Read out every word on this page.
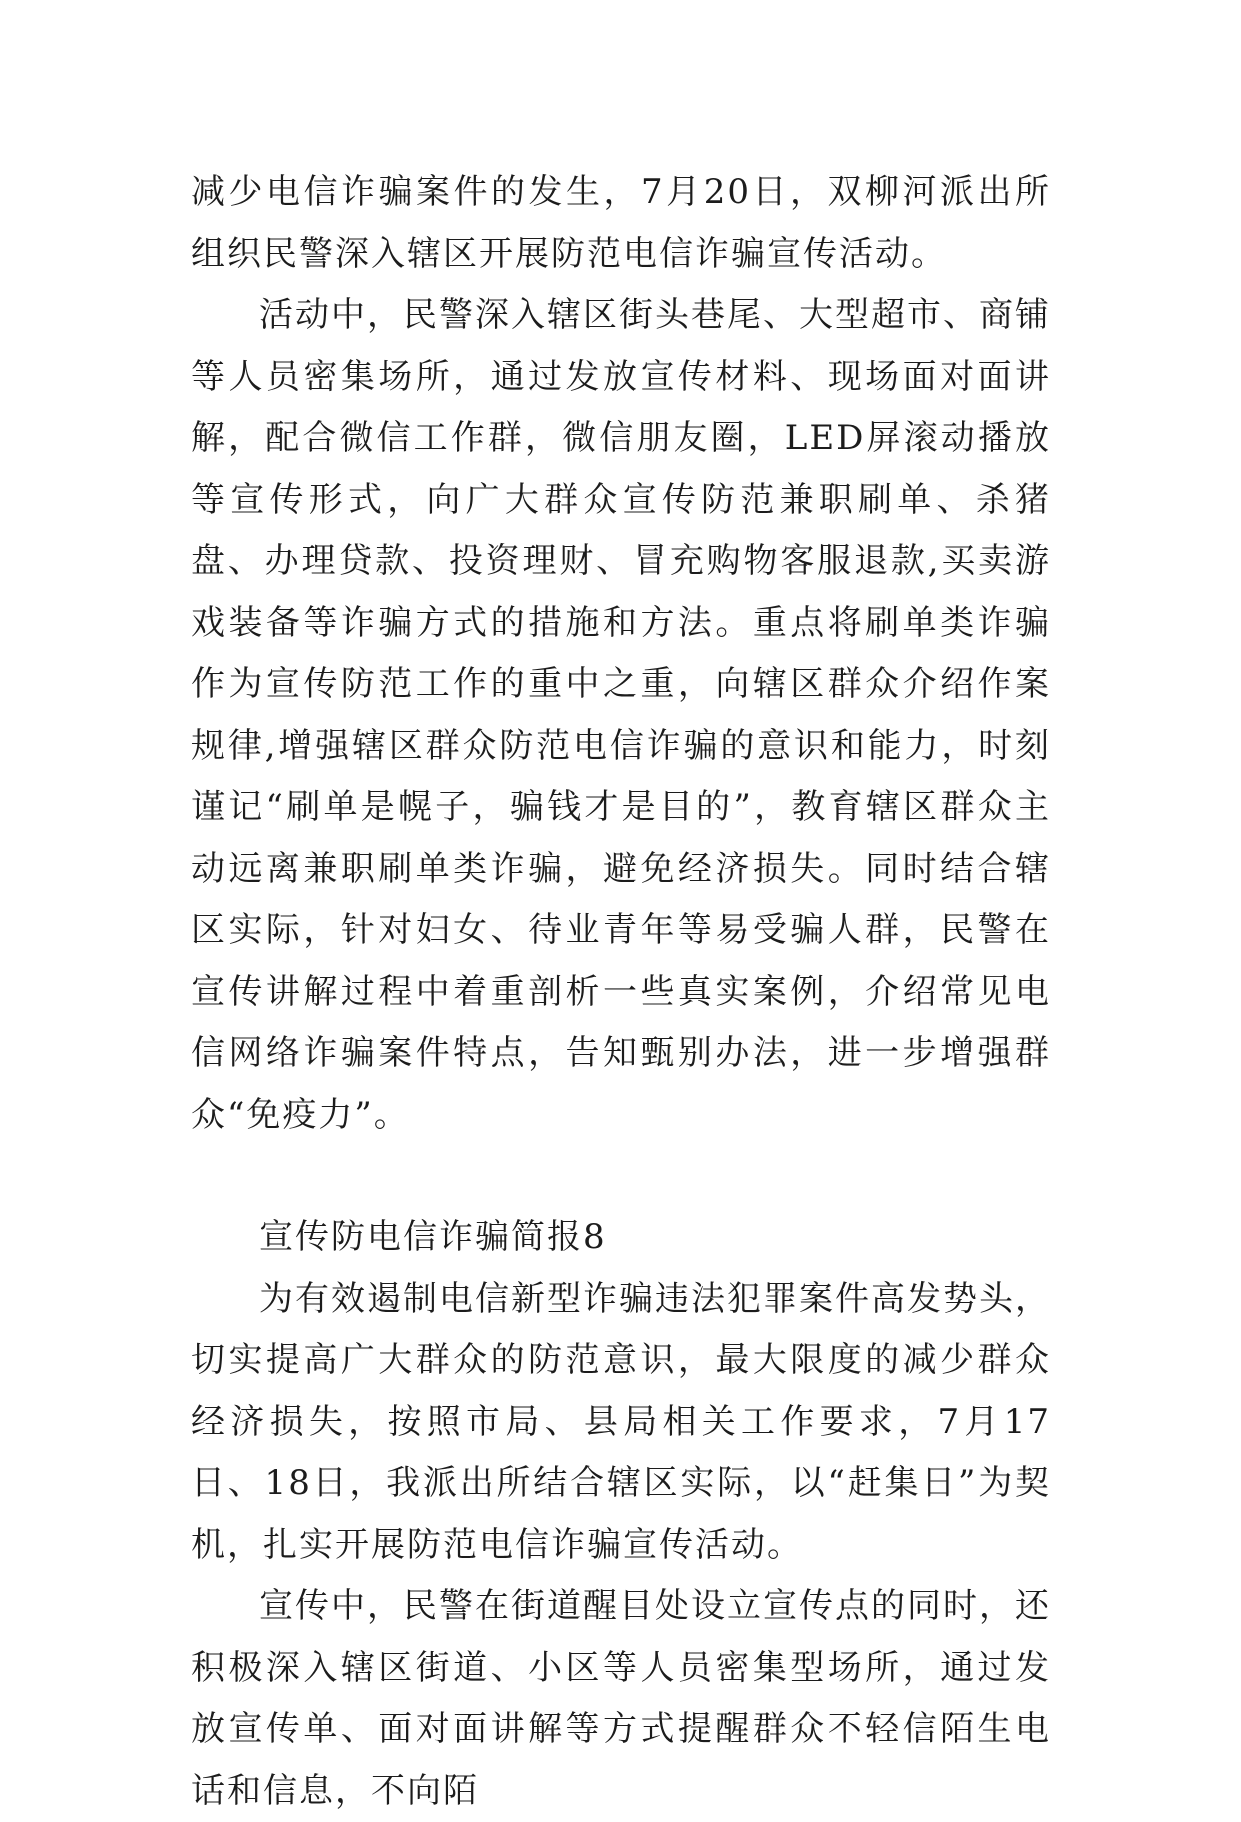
减少电信诈骗案件的发生，7月20日，双柳河派出所组织民警深入辖区开展防范电信诈骗宣传活动。

活动中，民警深入辖区街头巷尾、大型超市、商铺等人员密集场所，通过发放宣传材料、现场面对面讲解，配合微信工作群，微信朋友圈，LED屏滚动播放等宣传形式，向广大群众宣传防范兼职刷单、杀猪盘、办理贷款、投资理财、冒充购物客服退款,买卖游戏装备等诈骗方式的措施和方法。重点将刷单类诈骗作为宣传防范工作的重中之重，向辖区群众介绍作案规律,增强辖区群众防范电信诈骗的意识和能力，时刻谨记“刷单是幌子，骗钱才是目的”，教育辖区群众主动远离兼职刷单类诈骗，避免经济损失。同时结合辖区实际，针对妇女、待业青年等易受骗人群，民警在宣传讲解过程中着重剖析一些真实案例，介绍常见电信网络诈骗案件特点，告知甄别办法，进一步增强群众“免疫力”。

宣传防电信诈骗简报8

为有效遏制电信新型诈骗违法犯罪案件高发势头，切实提高广大群众的防范意识，最大限度的减少群众经济损失，按照市局、县局相关工作要求，7月17日、18日，我派出所结合辖区实际，以“赶集日”为契机，扎实开展防范电信诈骗宣传活动。

宣传中，民警在街道醒目处设立宣传点的同时，还积极深入辖区街道、小区等人员密集型场所，通过发放宣传单、面对面讲解等方式提醒群众不轻信陌生电话和信息，不向陌
